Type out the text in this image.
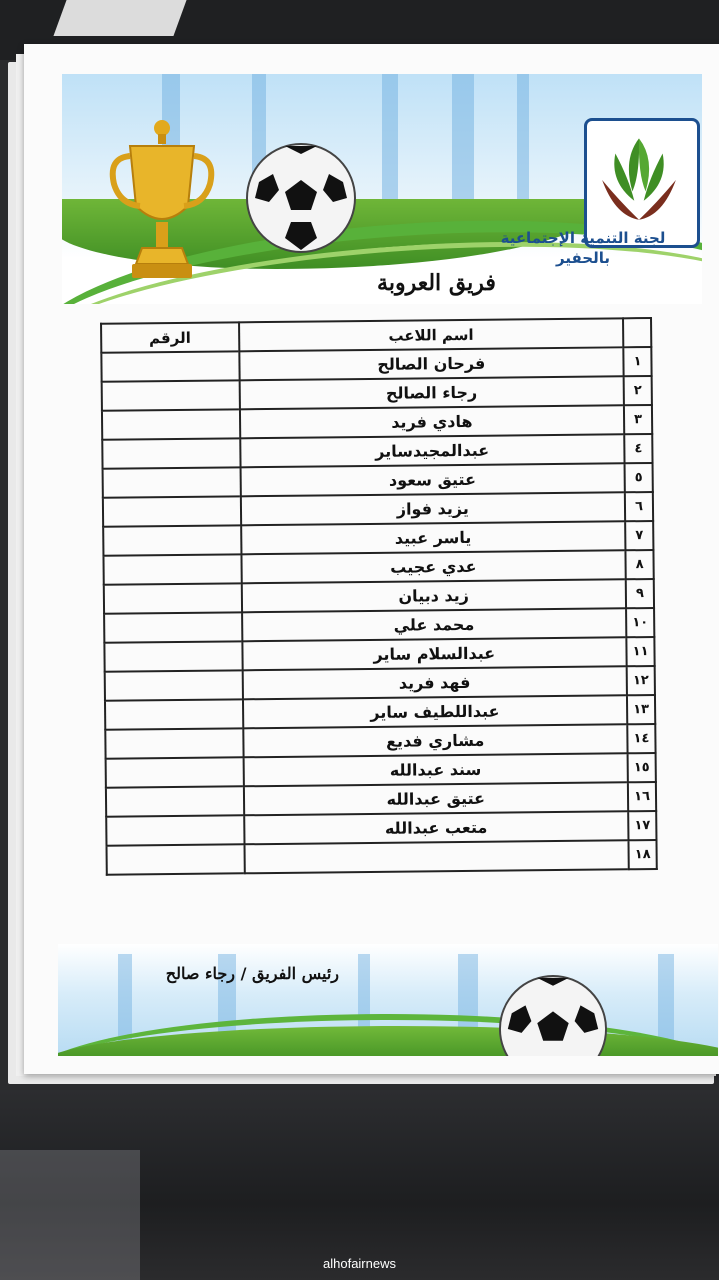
لجنة التنمية الإجتماعية
بالحفير
فريق العروبة
	اسم اللاعب	الرقم
١	فرحان الصالح	
٢	رجاء الصالح	
٣	هادي فريد	
٤	عبدالمجيدساير	
٥	عتيق سعود	
٦	يزيد فواز	
٧	ياسر عبيد	
٨	عدي عجيب	
٩	زيد دبيان	
١٠	محمد علي	
١١	عبدالسلام ساير	
١٢	فهد فريد	
١٣	عبداللطيف ساير	
١٤	مشاري فديع	
١٥	سند عبدالله	
١٦	عتيق عبدالله	
١٧	متعب عبدالله	
١٨		
رئيس الفريق / رجاء صالح
alhofairnews
